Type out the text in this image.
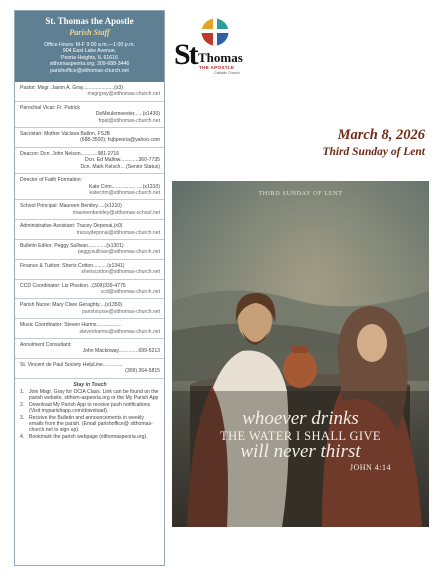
St. Thomas the Apostle
Parish Staff
Office Hours: M-F 9:00 a.m.—1:00 p.m.
904 East Lake Avenue,
Peoria Heights, IL 61616
stthomaspeoria.org; 309-688-3446
parishoffice@stthomas-church.net
Pastor: Msgr. Jason A. Gray......................(x3)
msgrgray@stthomas-church.net
Parochial Vicar: Fr. Patrick
DeMeulemeester......(x1430)
frpat@stthomas-church.net
Sacristan: Mother Vaclava Ballon, FSJB
(688-3500); fsjbpeoria@yahoo.com
Deacon: Dcn. John Nelson............981-2716
Dcn. Ed Mallow.............360-7735
Dcn. Mark Kelsch... (Senior Status)
Director of Faith Formation:
Kate Crim................. ....(x1310)
katecrim@stthomas-church.net
School Principal: Maureen Bentley.....(x1210)
maureenbentley@stthomas-school.net
Administrative Assistant: Tracey Deponai,(x0)
traceydeponai@stthomas-church.net
Bulletin Editor: Peggy Sullivan.............(x1301)
peggysullivan@stthomas-church.net
Finance & Tuition: Sheris Cotton..........(x1341)
sheriscotton@stthomas-church.net
CCD Coordinator: Liz Ploskon...(309)339-4775
ccd@stthomas-church.net
Parish Nurse: Mary Clare Geraghty....(x1350)
parishnurse@stthomas-church.net
Music Coordinator: Steven Harms..................
stevenharms@stthomas-church.net
Annulment Consultant:
John Mackoway..............699-5213
St. Vincent de Paul Society HelpLine..............
(309) 264-5815
Stay in Touch
1. Join Msgr. Gray for OCIA Class. Link can be found on the parish website, stthom-aspeoria.org or the My Parish App
2. Download My Parish App to receive push notifications (Visit myparishapp.com/download).
3. Receive the Bulletin and announcements in weekly emails from the parish. (Email parishoffice@ stthomas-church.net to sign up).
4. Bookmark the parish webpage (stthomaspeoria.org).
St Thomas
THE APOSTLE
Catholic Church
March 8, 2026
Third Sunday of Lent
THIRD SUNDAY OF LENT
whoever drinks
THE WATER I SHALL GIVE
will never thirst
JOHN 4:14
